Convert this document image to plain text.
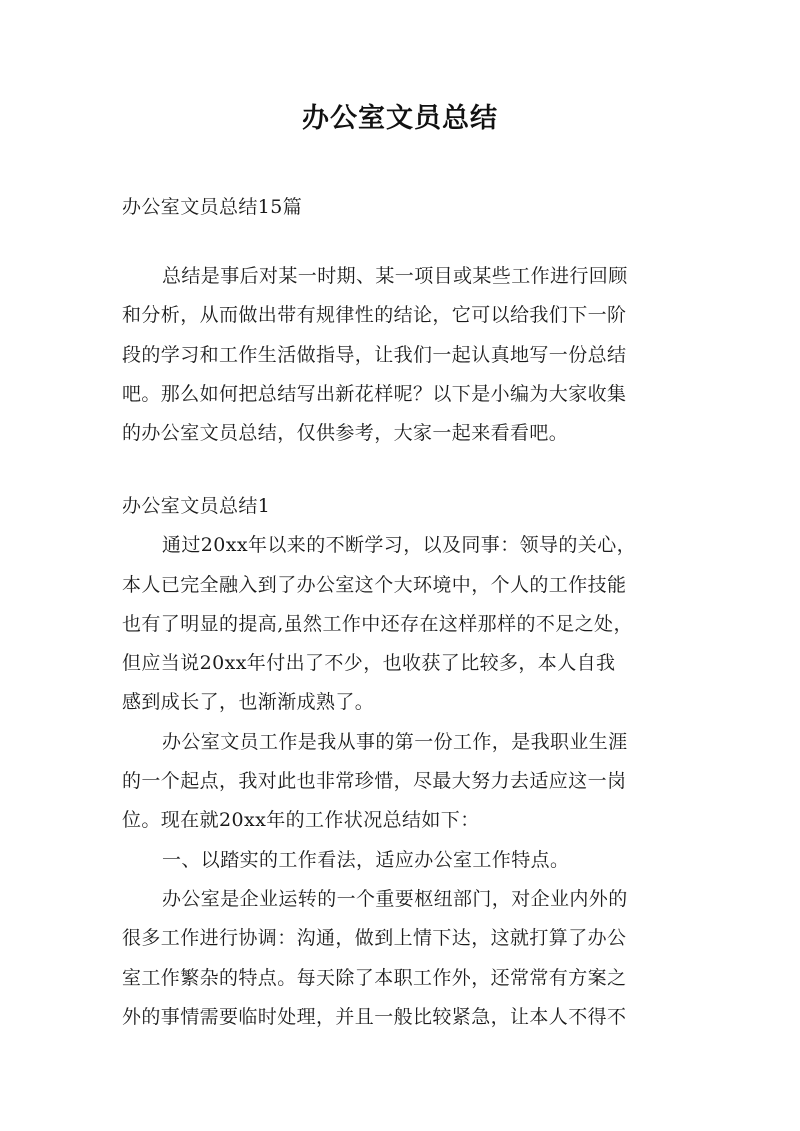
办公室文员总结
办公室文员总结15篇
总结是事后对某一时期、某一项目或某些工作进行回顾
和分析，从而做出带有规律性的结论，它可以给我们下一阶
段的学习和工作生活做指导，让我们一起认真地写一份总结
吧。那么如何把总结写出新花样呢？以下是小编为大家收集
的办公室文员总结，仅供参考，大家一起来看看吧。
办公室文员总结1
通过20xx年以来的不断学习，以及同事：领导的关心，
本人已完全融入到了办公室这个大环境中，个人的工作技能
也有了明显的提高,虽然工作中还存在这样那样的不足之处，
但应当说20xx年付出了不少，也收获了比较多，本人自我
感到成长了，也渐渐成熟了。
办公室文员工作是我从事的第一份工作，是我职业生涯
的一个起点，我对此也非常珍惜，尽最大努力去适应这一岗
位。现在就20xx年的工作状况总结如下：
一、以踏实的工作看法，适应办公室工作特点。
办公室是企业运转的一个重要枢纽部门，对企业内外的
很多工作进行协调：沟通，做到上情下达，这就打算了办公
室工作繁杂的特点。每天除了本职工作外，还常常有方案之
外的事情需要临时处理，并且一般比较紧急，让本人不得不
